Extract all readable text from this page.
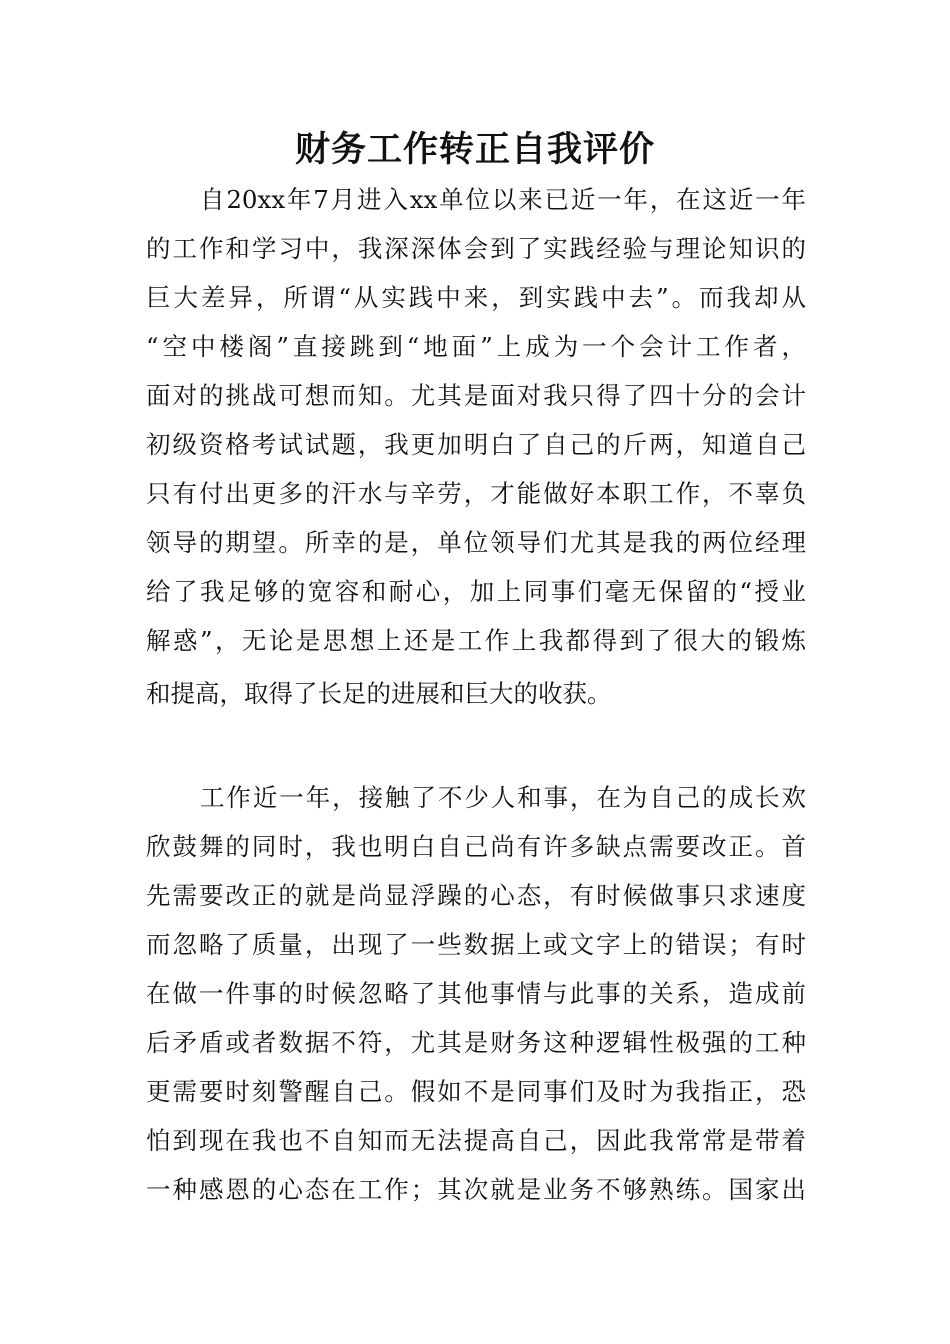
财务工作转正自我评价

自20xx年7月进入xx单位以来已近一年，在这近一年

的工作和学习中，我深深体会到了实践经验与理论知识的

巨大差异，所谓“从实践中来，到实践中去”。而我却从

“空中楼阁”直接跳到“地面”上成为一个会计工作者，

面对的挑战可想而知。尤其是面对我只得了四十分的会计

初级资格考试试题，我更加明白了自己的斤两，知道自己

只有付出更多的汗水与辛劳，才能做好本职工作，不辜负

领导的期望。所幸的是，单位领导们尤其是我的两位经理

给了我足够的宽容和耐心，加上同事们毫无保留的“授业

解惑”，无论是思想上还是工作上我都得到了很大的锻炼

和提高，取得了长足的进展和巨大的收获。

工作近一年，接触了不少人和事，在为自己的成长欢

欣鼓舞的同时，我也明白自己尚有许多缺点需要改正。首

先需要改正的就是尚显浮躁的心态，有时候做事只求速度

而忽略了质量，出现了一些数据上或文字上的错误；有时

在做一件事的时候忽略了其他事情与此事的关系，造成前

后矛盾或者数据不符，尤其是财务这种逻辑性极强的工种

更需要时刻警醒自己。假如不是同事们及时为我指正，恐

怕到现在我也不自知而无法提高自己，因此我常常是带着

一种感恩的心态在工作；其次就是业务不够熟练。国家出
